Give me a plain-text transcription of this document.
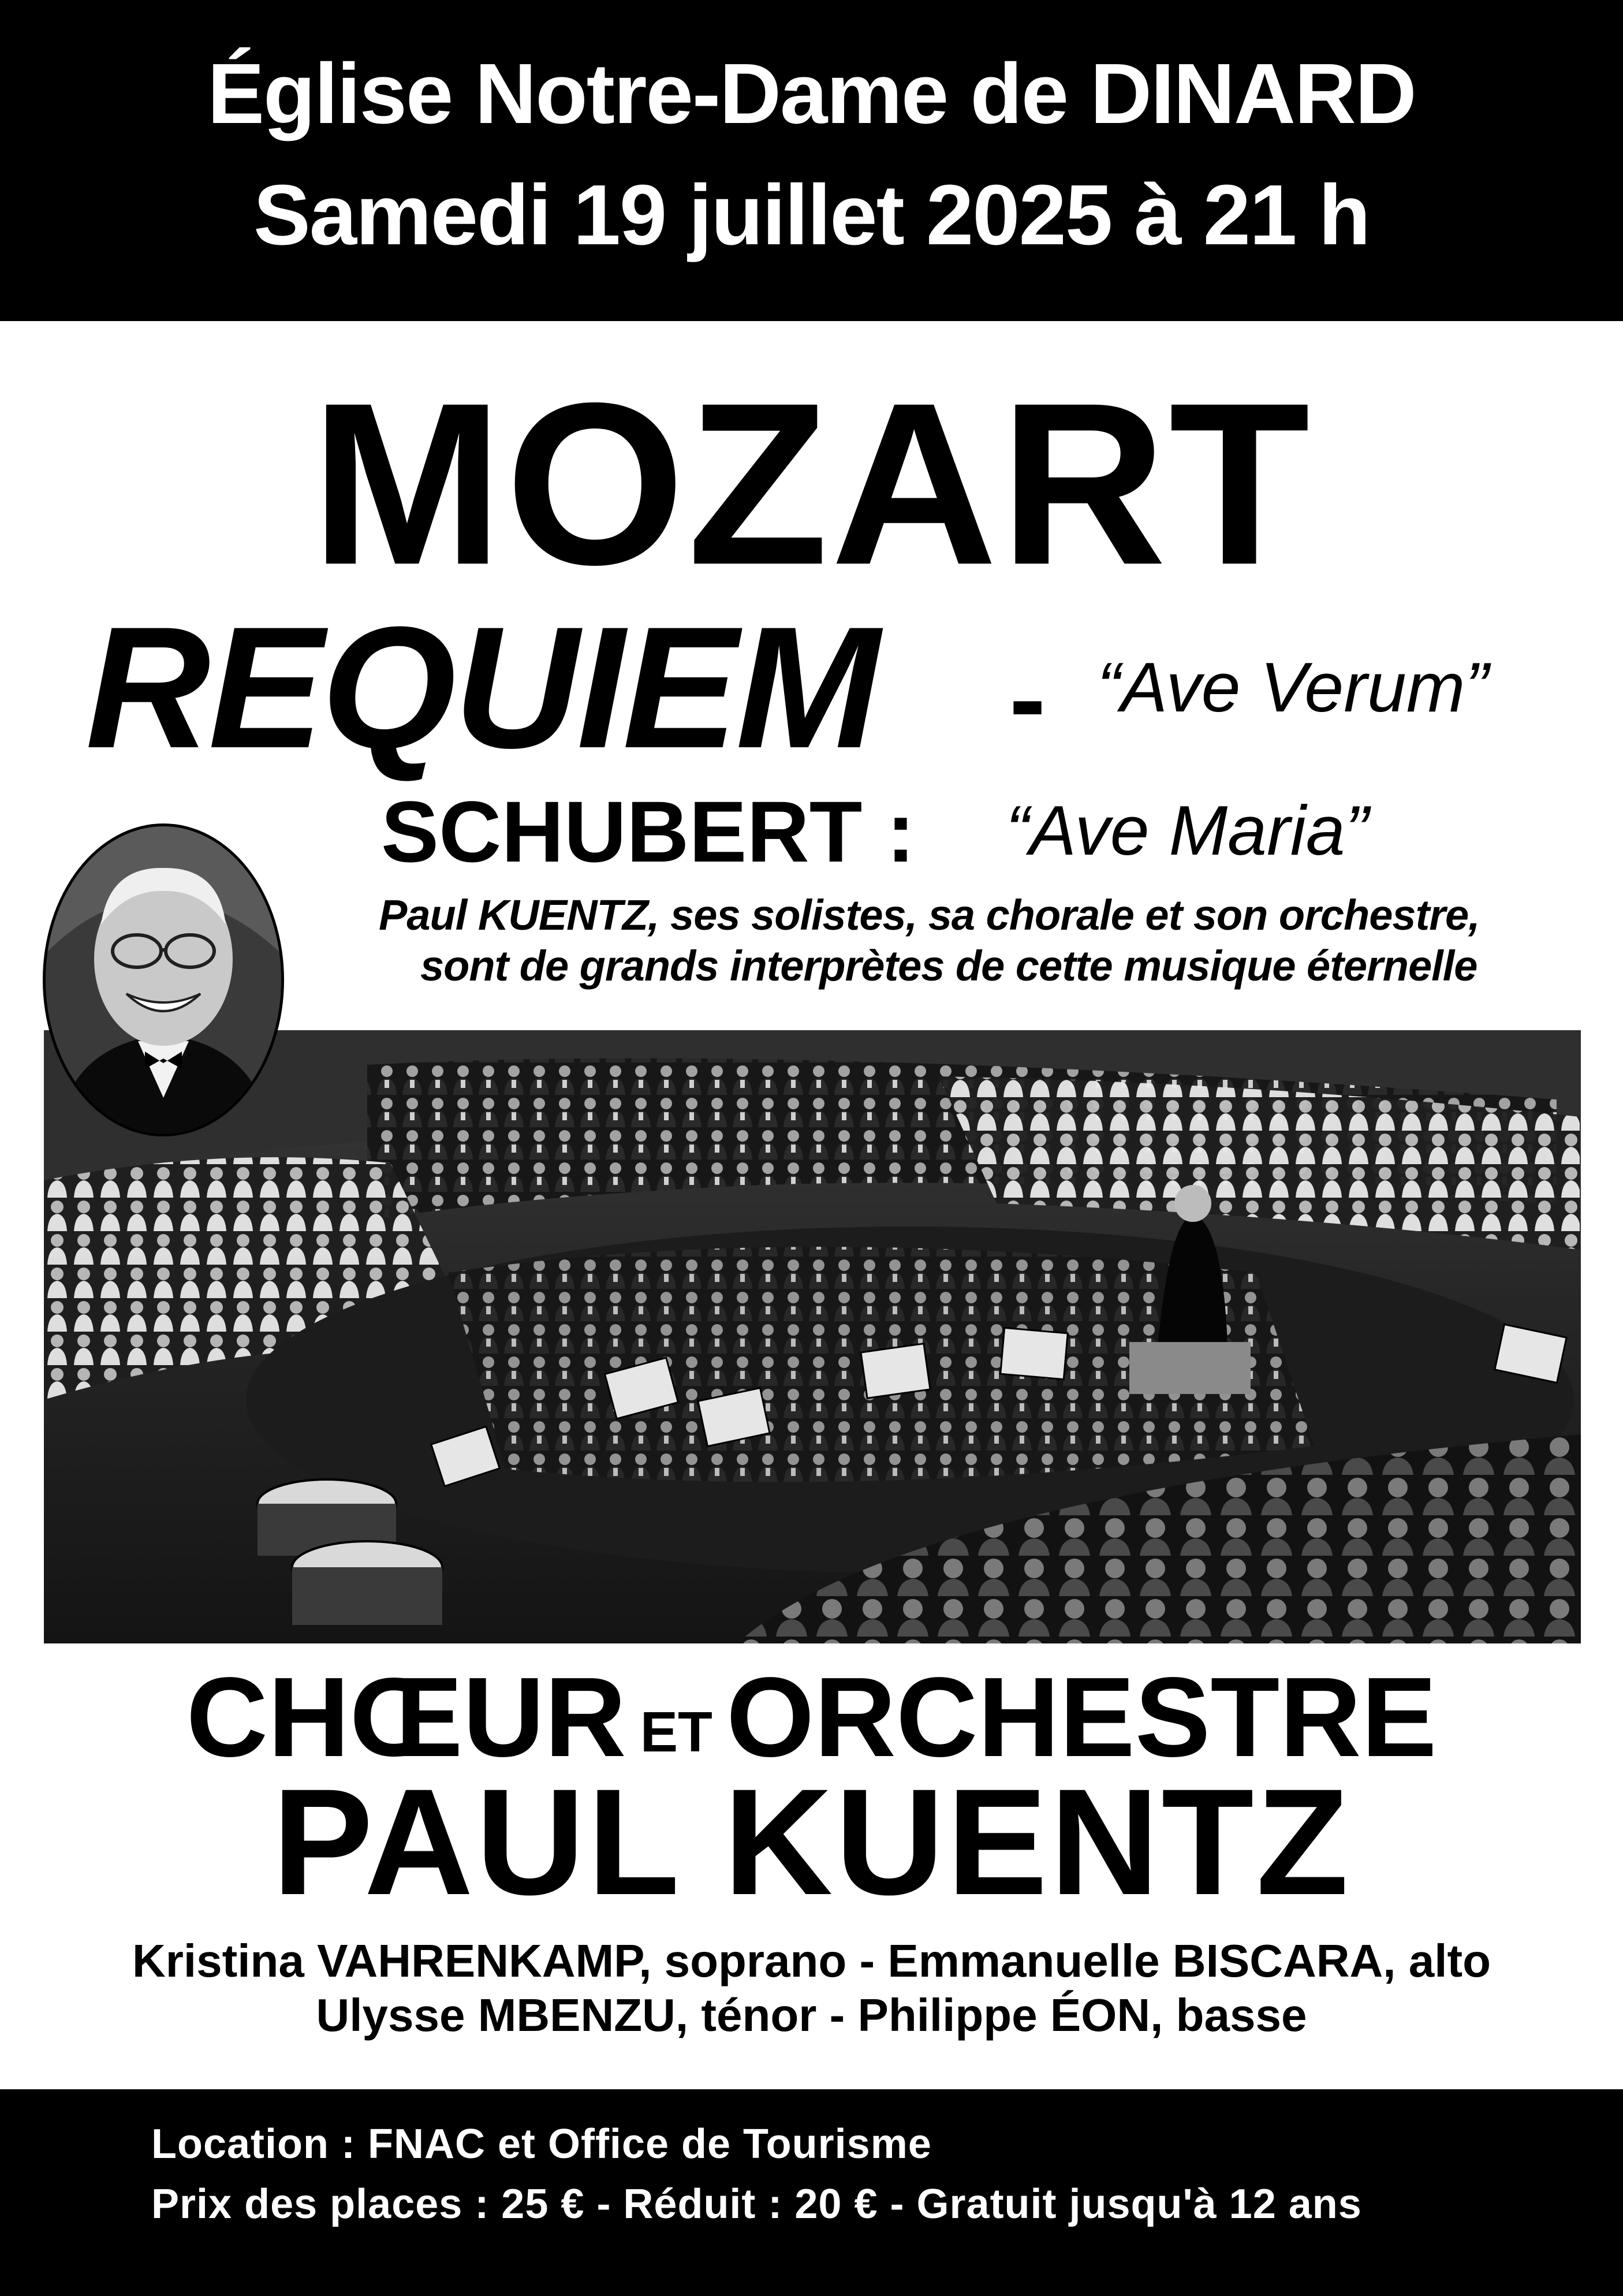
Église Notre-Dame de DINARD
Samedi 19 juillet 2025 à 21 h
MOZART
REQUIEM - “Ave Verum”
SCHUBERT : “Ave Maria”
Paul KUENTZ, ses solistes, sa chorale et son orchestre,
sont de grands interprètes de cette musique éternelle
CHŒUR ET ORCHESTRE
PAUL KUENTZ
Kristina VAHRENKAMP, soprano - Emmanuelle BISCARA, alto
Ulysse MBENZU, ténor - Philippe ÉON, basse
Location : FNAC et Office de Tourisme
Prix des places : 25 € - Réduit : 20 € - Gratuit jusqu'à 12 ans
